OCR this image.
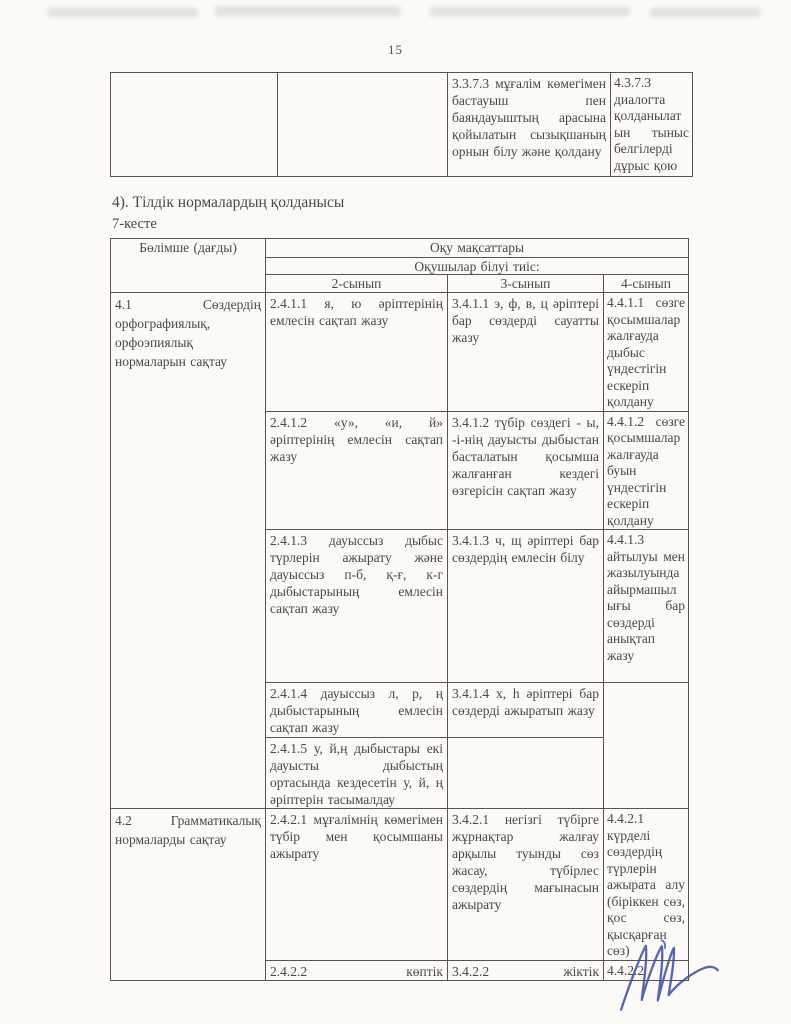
15
		3.3.7.3 мұғалім көмегімен бастауыш пен баяндауыштың арасына қойылатын сызықшаның орнын білу және қолдану	4.3.7.3 диалогта қолданылат ын тыныс белгілерді дұрыс қою
4). Тілдік нормалардың қолданысы
7-кесте
Бөлімше (дағды)	Оқу мақсаттары		
	Оқушылар білуі тиіс:		
	2-сынып	3-сынып	4-сынып
4.1 Сөздердің орфографиялық, орфоэпиялық нормаларын сақтау	2.4.1.1 я, ю әріптерінің емлесін сақтап жазу	3.4.1.1 э, ф, в, ц әріптері бар сөздерді сауатты жазу	4.4.1.1 сөзге қосымшалар жалғауда дыбыс үндестігін ескеріп қолдану
	2.4.1.2 «у», «и, й» әріптерінің емлесін сақтап жазу	3.4.1.2 түбір сөздегі - ы, -і-нің дауысты дыбыстан басталатын қосымша жалғанған кездегі өзгерісін сақтап жазу	4.4.1.2 сөзге қосымшалар жалғауда буын үндестігін ескеріп қолдану
	2.4.1.3 дауыссыз дыбыс түрлерін ажырату және дауыссыз п-б, қ-ғ, к-г дыбыстарының емлесін сақтап жазу	3.4.1.3 ч, щ әріптері бар сөздердің емлесін білу	4.4.1.3 айтылуы мен жазылуында айырмашыл ығы бар сөздерді анықтап жазу
	2.4.1.4 дауыссыз л, р, ң дыбыстарының емлесін сақтап жазу	3.4.1.4 х, h әріптері бар сөздерді ажыратып жазу	
	2.4.1.5 у, й,ң дыбыстары екі дауысты дыбыстың ортасында кездесетін у, й, ң әріптерін тасымалдау		
4.2 Грамматикалық нормаларды сақтау	2.4.2.1 мұғалімнің көмегімен түбір мен қосымшаны ажырату	3.4.2.1 негізгі түбірге жұрнақтар жалғау арқылы туынды сөз жасау, түбірлес сөздердің мағынасын ажырату	4.4.2.1 күрделі сөздердің түрлерін ажырата алу (біріккен сөз, қос сөз, қысқарған сөз)

	2.4.2.2 көптік	3.4.2.2 жіктік	4.4.2.2
